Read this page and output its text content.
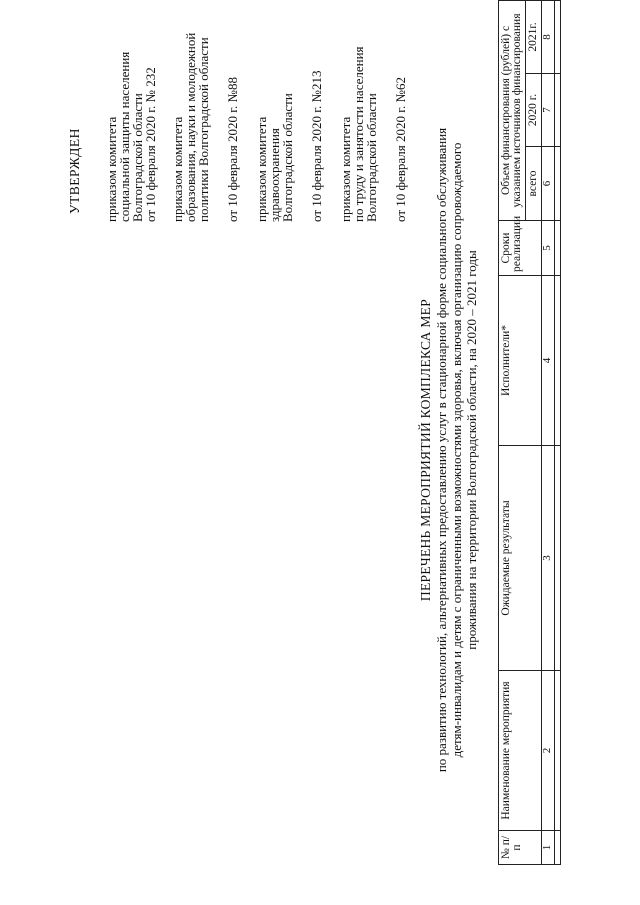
УТВЕРЖДЕН приказом комитета
социальной защиты населения
Волгоградской области
от 10 февраля 2020 г. № 232 приказом комитета
образования, науки и молодежной
политики Волгоградской области от 10 февраля 2020 г. №88 приказом комитета
здравоохранения
Волгоградской области от 10 февраля 2020 г. №213 приказом комитета
по труду и занятости населения
Волгоградской области от 10 февраля 2020 г. №62
ПЕРЕЧЕНЬ МЕРОПРИЯТИЙ КОМПЛЕКСА МЕР по развитию технологий, альтернативных предоставлению услуг в стационарной форме социального обслуживания детям-инвалидам и детям с ограниченными возможностями здоровья, включая организацию сопровождаемого проживания на территории Волгоградской области, на 2020 – 2021 годы
№ п/п	Наименование мероприятия	Ожидаемые результаты	Исполнители*	Сроки реализации	Объем финансирования (рублей) с указанием источников финансирования		
					всего	2020 г.	2021г.
1	2	3	4	5	6	7	8
